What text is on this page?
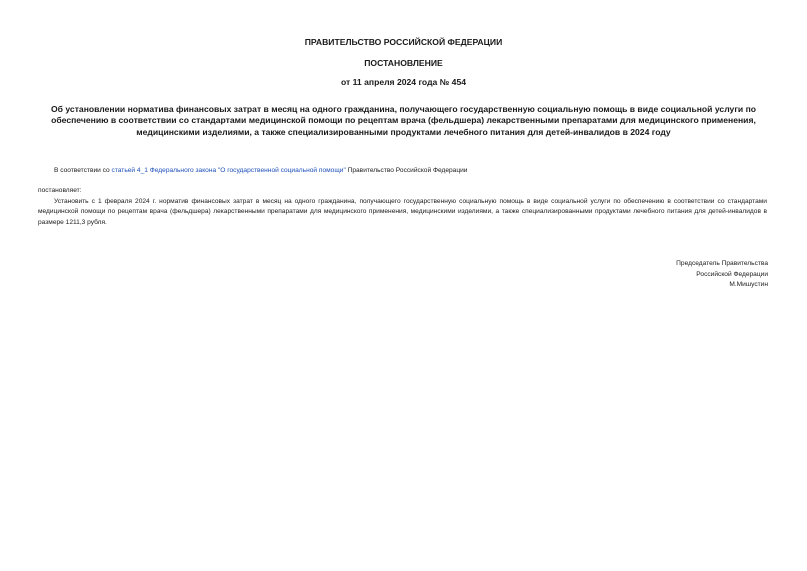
ПРАВИТЕЛЬСТВО РОССИЙСКОЙ ФЕДЕРАЦИИ
ПОСТАНОВЛЕНИЕ
от 11 апреля 2024 года № 454
Об установлении норматива финансовых затрат в месяц на одного гражданина, получающего государственную социальную помощь в виде социальной услуги по обеспечению в соответствии со стандартами медицинской помощи по рецептам врача (фельдшера) лекарственными препаратами для медицинского применения, медицинскими изделиями, а также специализированными продуктами лечебного питания для детей-инвалидов в 2024 году
В соответствии со статьей 4_1 Федерального закона "О государственной социальной помощи" Правительство Российской Федерации
постановляет:
Установить с 1 февраля 2024 г. норматив финансовых затрат в месяц на одного гражданина, получающего государственную социальную помощь в виде социальной услуги по обеспечению в соответствии со стандартами медицинской помощи по рецептам врача (фельдшера) лекарственными препаратами для медицинского применения, медицинскими изделиями, а также специализированными продуктами лечебного питания для детей-инвалидов в размере 1211,3 рубля.
Председатель Правительства
Российской Федерации
М.Мишустин
